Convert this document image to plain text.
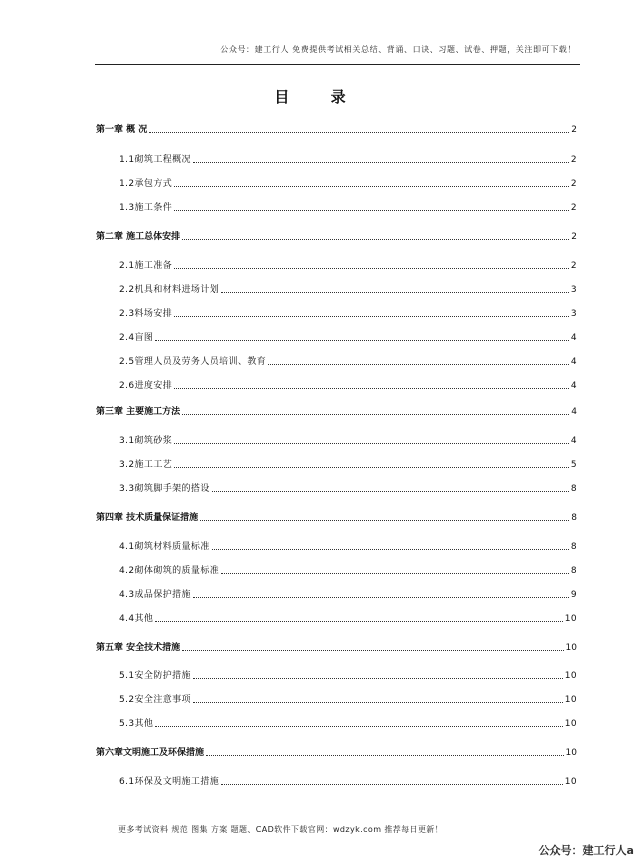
公众号：建工行人 免费提供考试相关总结、背诵、口诀、习题、试卷、押题，关注即可下载！
目 录
第一章 概 况	2
1.1砌筑工程概况	2
1.2承包方式	2
1.3施工条件	2
第二章 施工总体安排	2
2.1施工准备	2
2.2机具和材料进场计划	3
2.3料场安排	3
2.4盲图	4
2.5管理人员及劳务人员培训、教育	4
2.6进度安排	4
第三章 主要施工方法	4
3.1砌筑砂浆	4
3.2施工工艺	5
3.3砌筑脚手架的搭设	8
第四章 技术质量保证措施	8
4.1砌筑材料质量标准	8
4.2砌体砌筑的质量标准	8
4.3成品保护措施	9
4.4其他	10
第五章 安全技术措施	10
5.1安全防护措施	10
5.2安全注意事项	10
5.3其他	10
第六章文明施工及环保措施	10
6.1环保及文明施工措施	10
更多考试资料 规范 图集 方案 题题、CAD软件下载官网：wdzyk.com 推荐每日更新！
公众号：建工行人a
